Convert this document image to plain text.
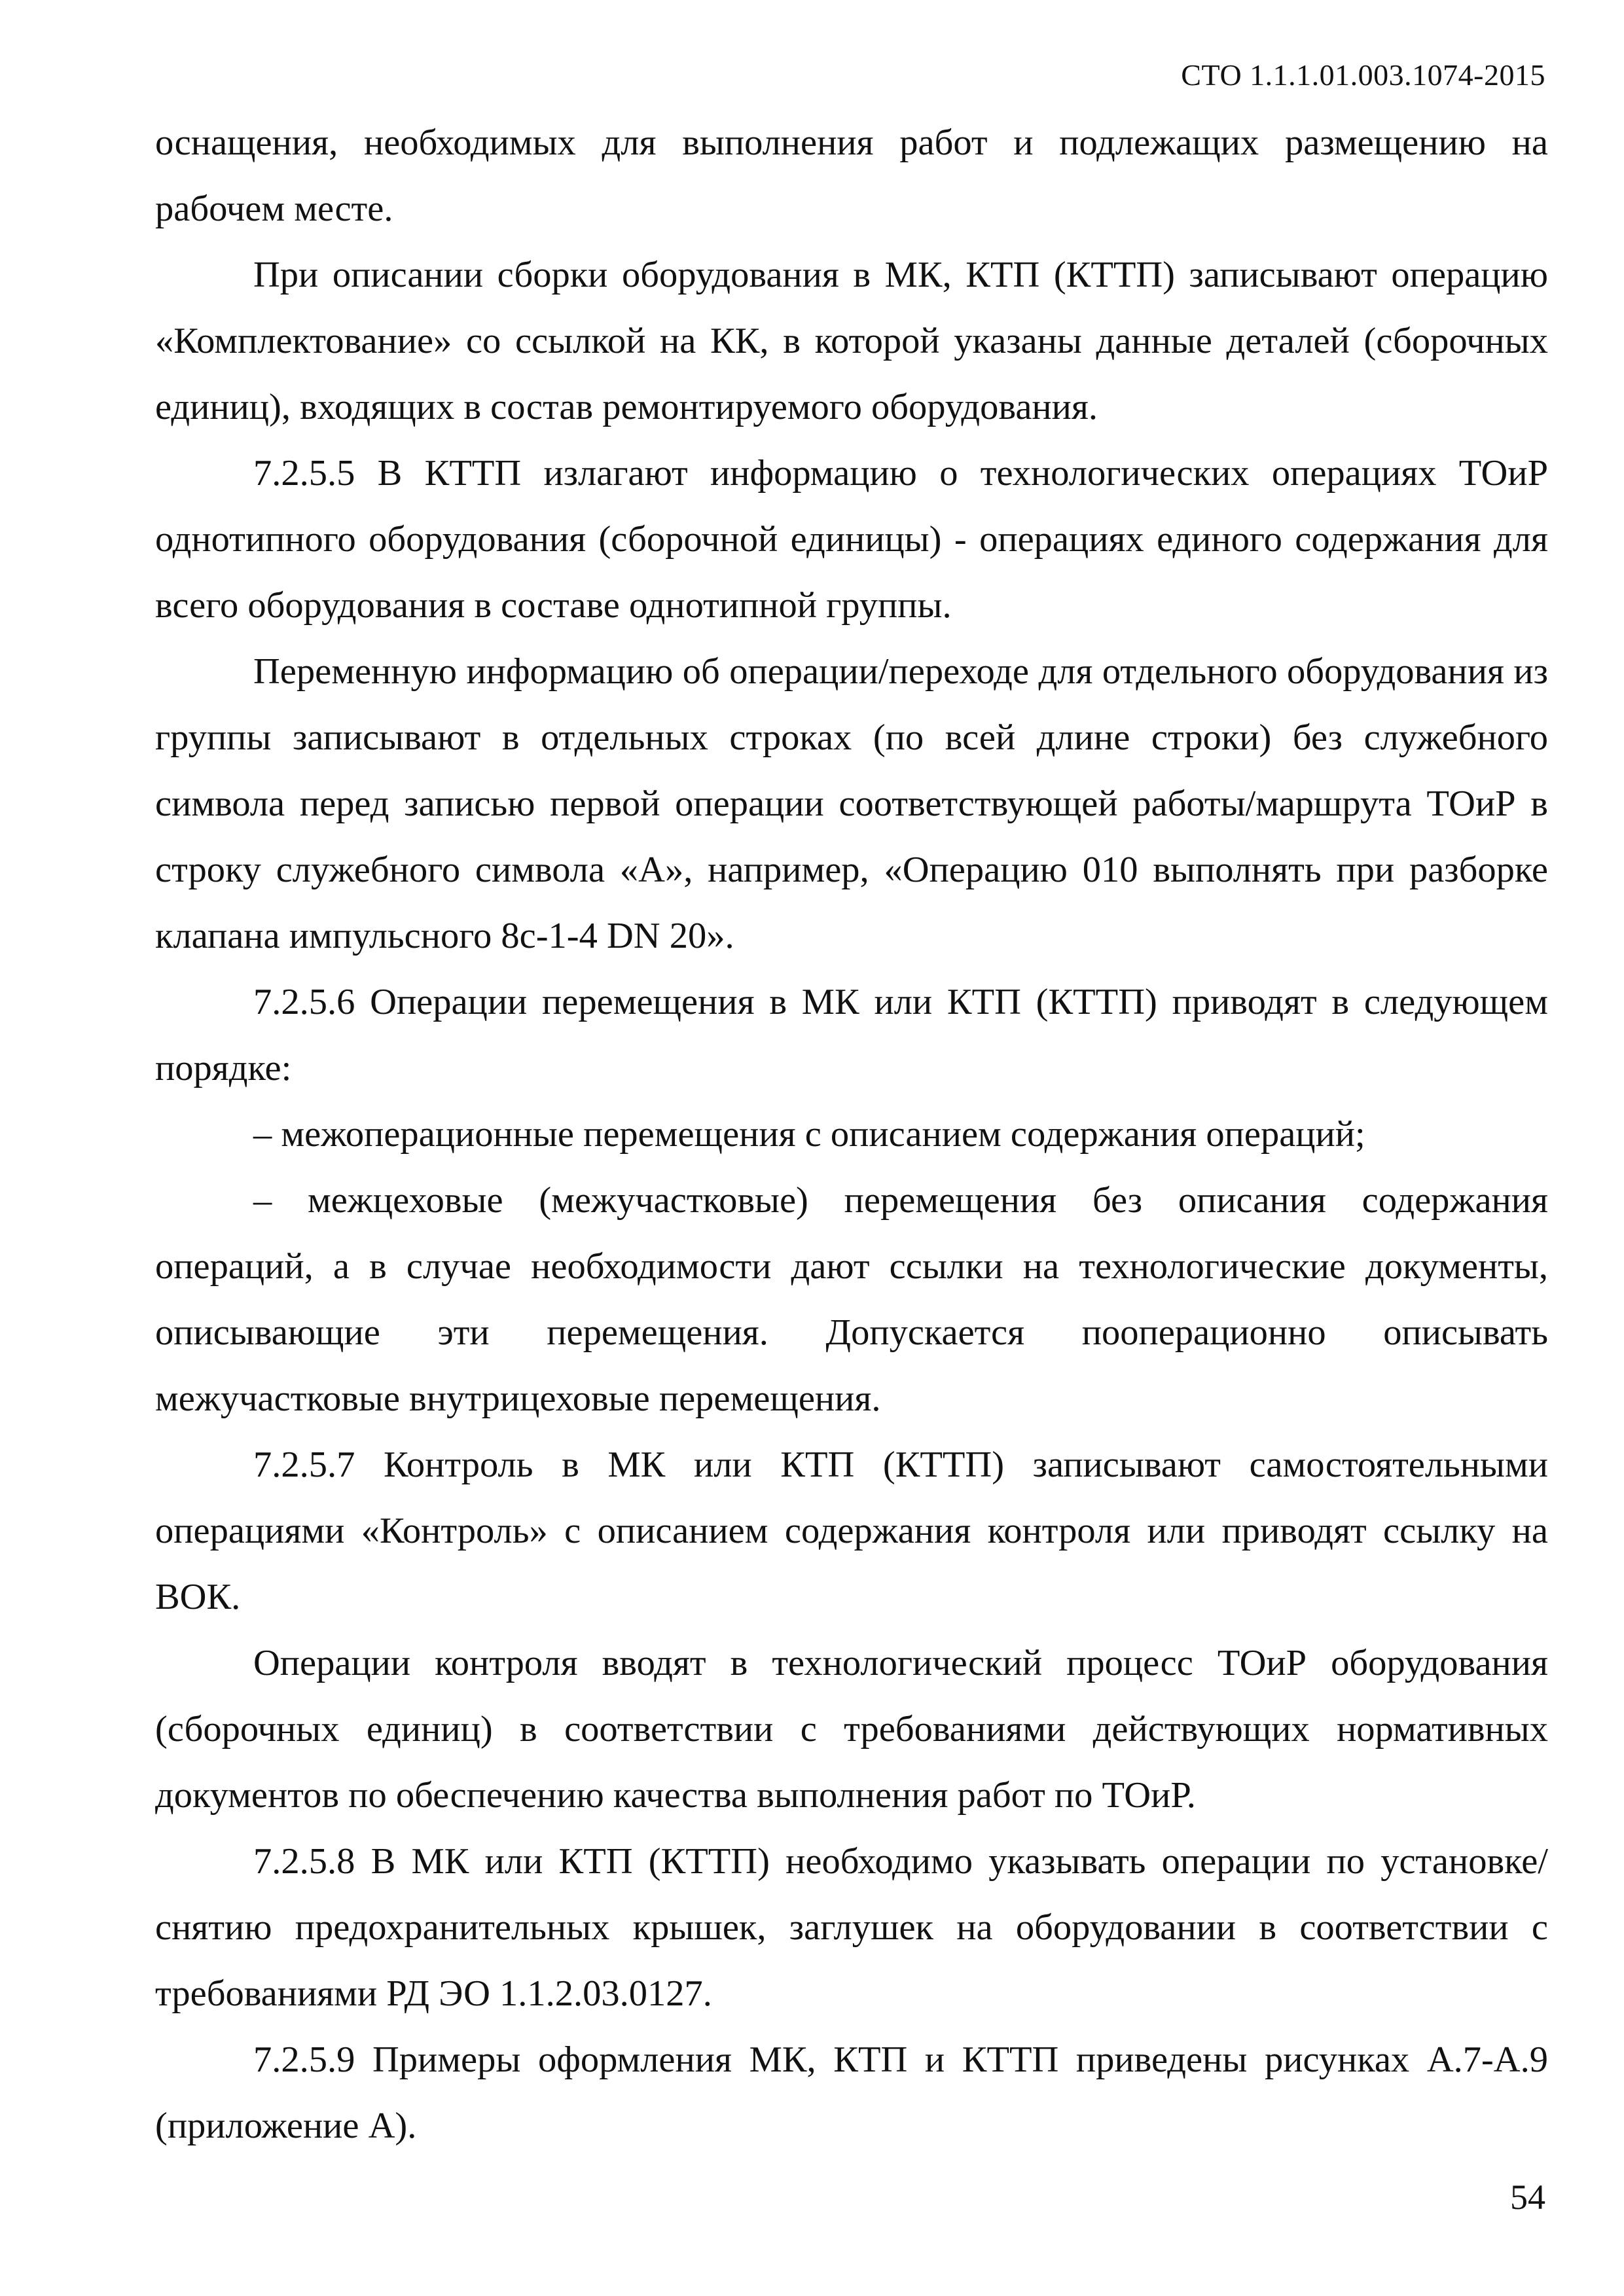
СТО 1.1.1.01.003.1074-2015

оснащения, необходимых для выполнения работ и подлежащих размещению на рабочем месте.

При описании сборки оборудования в МК, КТП (КТТП) записывают операцию «Комплектование» со ссылкой на КК, в которой указаны данные деталей (сборочных единиц), входящих в состав ремонтируемого оборудования.

7.2.5.5 В КТТП излагают информацию о технологических операциях ТОиР однотипного оборудования (сборочной единицы) - операциях единого содержания для всего оборудования в составе однотипной группы.

Переменную информацию об операции/переходе для отдельного оборудования из группы записывают в отдельных строках (по всей длине строки) без служебного символа перед записью первой операции соответствующей работы/маршрута ТОиР в строку служебного символа «А», например, «Операцию 010 выполнять при разборке клапана импульсного 8с-1-4 DN 20».

7.2.5.6 Операции перемещения в МК или КТП (КТТП) приводят в следующем порядке:

– межоперационные перемещения с описанием содержания операций;

– межцеховые (межучастковые) перемещения без описания содержания операций, а в случае необходимости дают ссылки на технологические документы, описывающие эти перемещения. Допускается пооперационно описывать межучастковые внутрицеховые перемещения.

7.2.5.7 Контроль в МК или КТП (КТТП) записывают самостоятельными операциями «Контроль» с описанием содержания контроля или приводят ссылку на ВОК.

Операции контроля вводят в технологический процесс ТОиР оборудования (сборочных единиц) в соответствии с требованиями действующих нормативных документов по обеспечению качества выполнения работ по ТОиР.

7.2.5.8 В МК или КТП (КТТП) необходимо указывать операции по установке/снятию предохранительных крышек, заглушек на оборудовании в соответствии с требованиями РД ЭО 1.1.2.03.0127.

7.2.5.9 Примеры оформления МК, КТП и КТТП приведены рисунках А.7-А.9 (приложение А).

54
